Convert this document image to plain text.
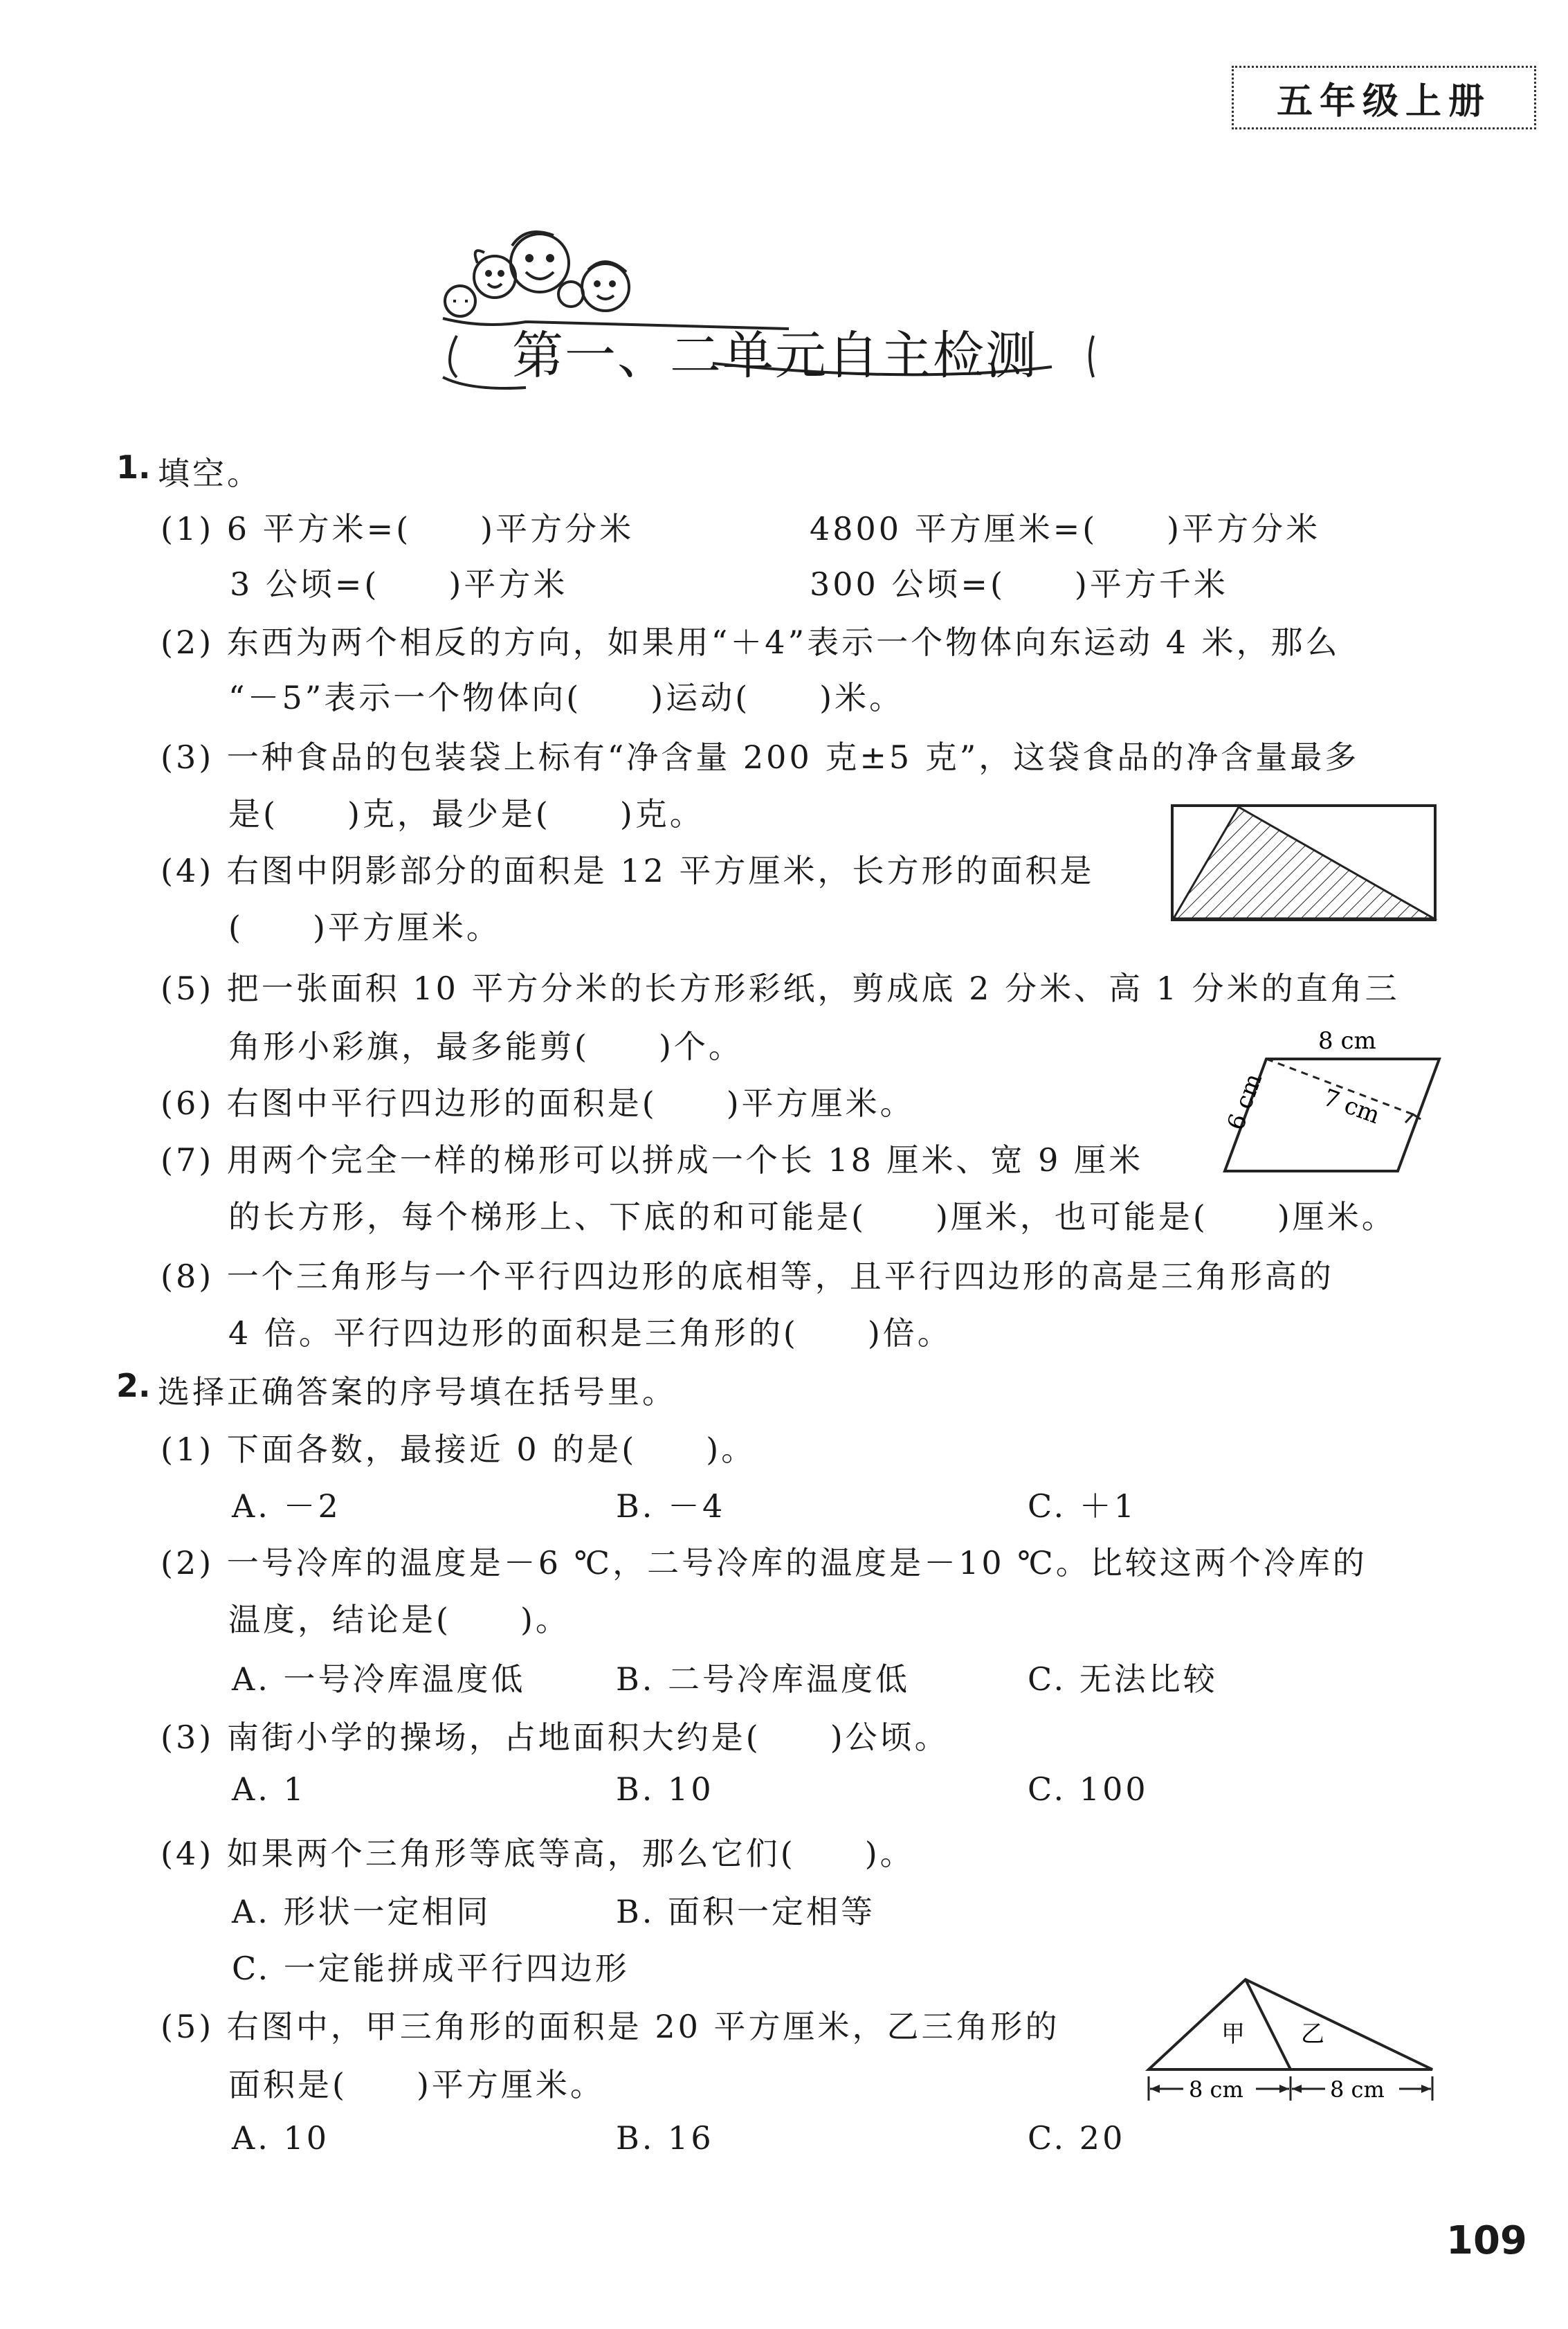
五年级上册
第一、二单元自主检测
1. 填空。
(1) 6 平方米=(　　)平方分米	4800 平方厘米=(　　)平方分米
3 公顷=(　　)平方米	300 公顷=(　　)平方千米
(2) 东西为两个相反的方向，如果用“＋4”表示一个物体向东运动 4 米，那么
“－5”表示一个物体向(　　)运动(　　)米。
(3) 一种食品的包装袋上标有“净含量 200 克±5 克”，这袋食品的净含量最多
是(　　)克，最少是(　　)克。
(4) 右图中阴影部分的面积是 12 平方厘米，长方形的面积是
(　　)平方厘米。
(5) 把一张面积 10 平方分米的长方形彩纸，剪成底 2 分米、高 1 分米的直角三
角形小彩旗，最多能剪(　　)个。
(6) 右图中平行四边形的面积是(　　)平方厘米。
8 cm
6 cm 7 cm
(7) 用两个完全一样的梯形可以拼成一个长 18 厘米、宽 9 厘米
的长方形，每个梯形上、下底的和可能是(　　)厘米，也可能是(　　)厘米。
(8) 一个三角形与一个平行四边形的底相等，且平行四边形的高是三角形高的
4 倍。平行四边形的面积是三角形的(　　)倍。
2. 选择正确答案的序号填在括号里。
(1) 下面各数，最接近 0 的是(　　)。
A. －2	B. －4	C. ＋1
(2) 一号冷库的温度是－6 ℃，二号冷库的温度是－10 ℃。比较这两个冷库的
温度，结论是(　　)。
A. 一号冷库温度低	B. 二号冷库温度低	C. 无法比较
(3) 南街小学的操场，占地面积大约是(　　)公顷。
A. 1	B. 10	C. 100
(4) 如果两个三角形等底等高，那么它们(　　)。
A. 形状一定相同	B. 面积一定相等
C. 一定能拼成平行四边形
(5) 右图中，甲三角形的面积是 20 平方厘米，乙三角形的
面积是(　　)平方厘米。
A. 10	B. 16	C. 20
甲 乙
8 cm	8 cm
109
